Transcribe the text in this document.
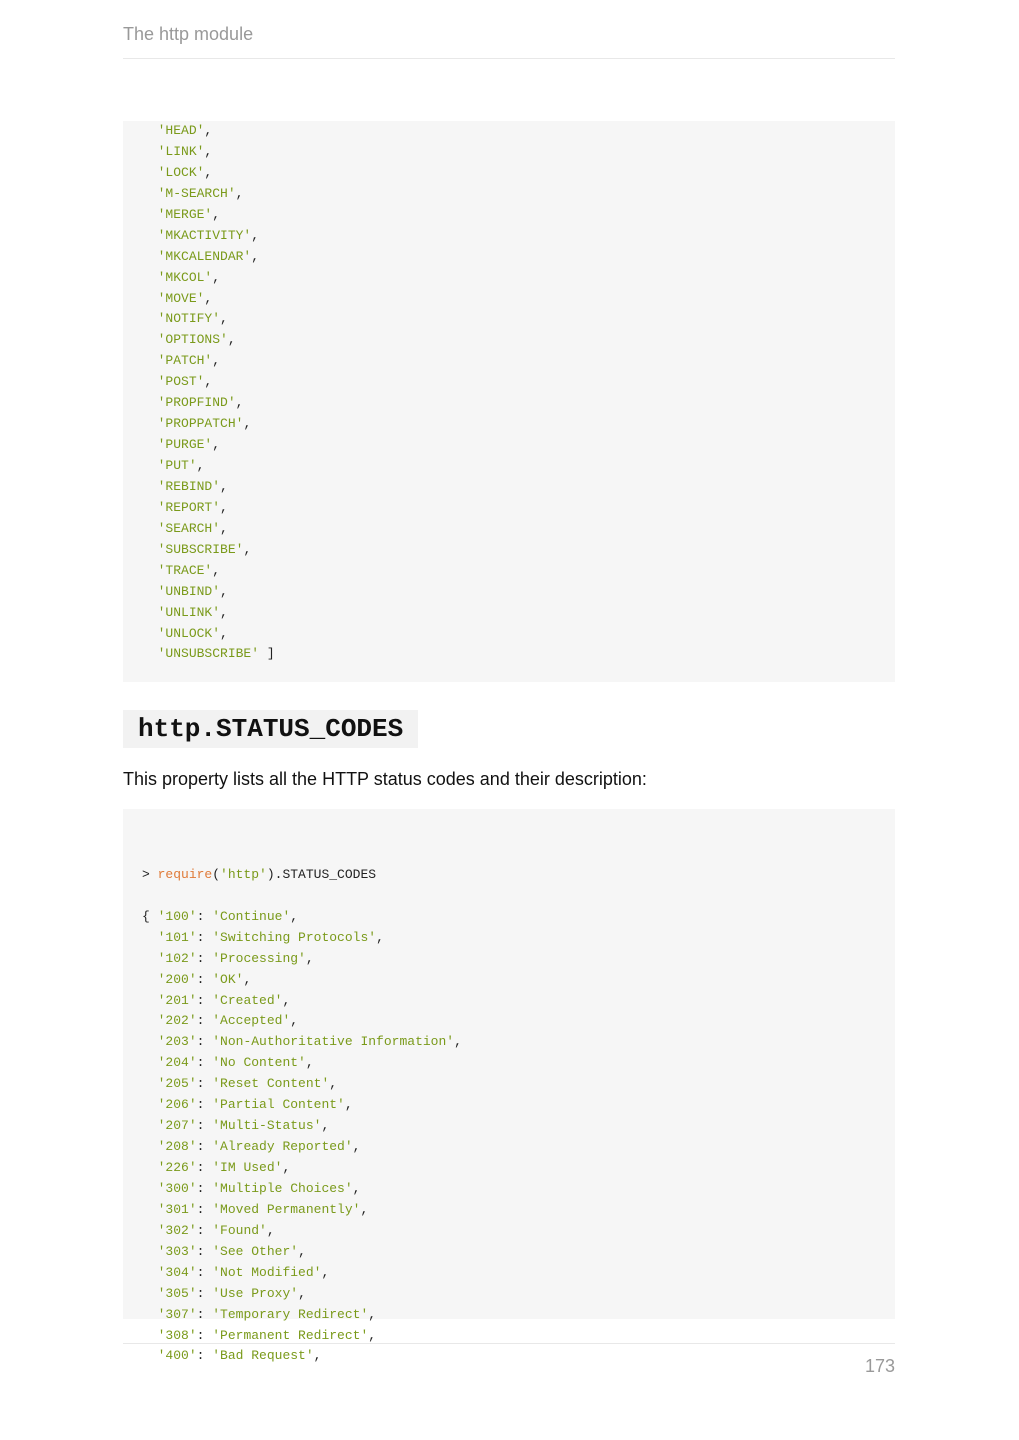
The http module
'HEAD',
'LINK',
'LOCK',
'M-SEARCH',
'MERGE',
'MKACTIVITY',
'MKCALENDAR',
'MKCOL',
'MOVE',
'NOTIFY',
'OPTIONS',
'PATCH',
'POST',
'PROPFIND',
'PROPPATCH',
'PURGE',
'PUT',
'REBIND',
'REPORT',
'SEARCH',
'SUBSCRIBE',
'TRACE',
'UNBIND',
'UNLINK',
'UNLOCK',
'UNSUBSCRIBE' ]
http.STATUS_CODES

This property lists all the HTTP status codes and their description:

> require('http').STATUS_CODES

{ '100': 'Continue',
'101': 'Switching Protocols',
'102': 'Processing',
'200': 'OK',
'201': 'Created',
'202': 'Accepted',
'203': 'Non-Authoritative Information',
'204': 'No Content',
'205': 'Reset Content',
'206': 'Partial Content',
'207': 'Multi-Status',
'208': 'Already Reported',
'226': 'IM Used',
'300': 'Multiple Choices',
'301': 'Moved Permanently',
'302': 'Found',
'303': 'See Other',
'304': 'Not Modified',
'305': 'Use Proxy',
'307': 'Temporary Redirect',
'308': 'Permanent Redirect',
'400': 'Bad Request',
173
